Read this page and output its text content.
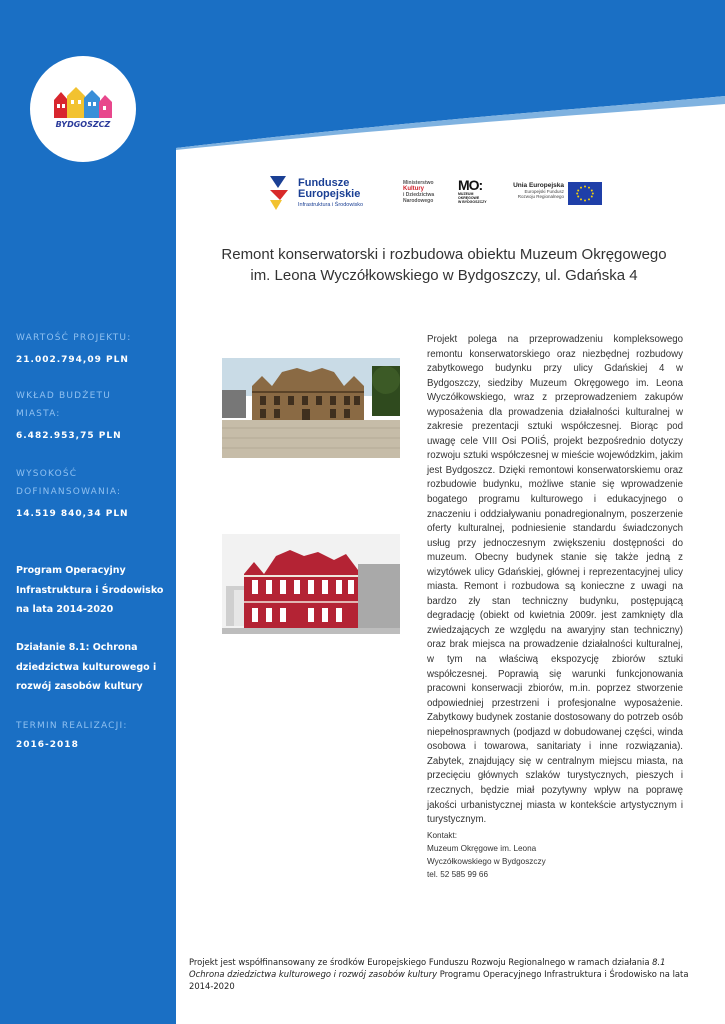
BYDGOSZCZ
WARTOŚĆ PROJEKTU:
21.002.794,09 PLN
WKŁAD BUDŻETU
MIASTA:
6.482.953,75 PLN
WYSOKOŚĆ
DOFINANSOWANIA:
14.519 840,34 PLN
Program Operacyjny
Infrastruktura i Środowisko
na lata 2014-2020
Działanie 8.1: Ochrona
dziedzictwa kulturowego i
rozwój zasobów kultury
TERMIN REALIZACJI:
2016-2018
Fundusze
Europejskie
Infrastruktura i Środowisko
Ministerstwo
Kultury
i Dziedzictwa
Narodowego
MO:
MUZEUM
OKRĘGOWE
W BYDGOSZCZY
Unia Europejska
Europejski Fundusz
Rozwoju Regionalnego
Remont konserwatorski i rozbudowa obiektu Muzeum Okręgowego
im. Leona Wyczółkowskiego w Bydgoszczy, ul. Gdańska 4
Projekt polega na przeprowadzeniu kompleksowego remontu konserwatorskiego oraz niezbędnej rozbudowy zabytkowego budynku przy ulicy Gdańskiej 4 w Bydgoszczy, siedziby Muzeum Okręgowego im. Leona Wyczółkowskiego, wraz z przeprowadzeniem zakupów wyposażenia dla prowadzenia działalności kulturalnej w zakresie prezentacji sztuki współczesnej. Biorąc pod uwagę cele VIII Osi POIiŚ, projekt bezpośrednio dotyczy rozwoju sztuki współczesnej w mieście wojewódzkim, jakim jest Bydgoszcz. Dzięki remontowi konserwatorskiemu oraz rozbudowie budynku, możliwe stanie się wprowadzenie bogatego programu kulturowego i edukacyjnego o znaczeniu i oddziaływaniu ponadregionalnym, poszerzenie oferty kulturalnej, podniesienie standardu świadczonych usług przy jednoczesnym zwiększeniu dostępności do muzeum. Obecny budynek stanie się także jedną z wizytówek ulicy Gdańskiej, głównej i reprezentacyjnej ulicy miasta. Remont i rozbudowa są konieczne z uwagi na bardzo zły stan techniczny budynku, postępującą degradację (obiekt od kwietnia 2009r. jest zamknięty dla zwiedzających ze względu na awaryjny stan techniczny) oraz brak miejsca na prowadzenie działalności kulturalnej, w tym na właściwą ekspozycję zbiorów sztuki współczesnej. Poprawią się warunki funkcjonowania pracowni konserwacji zbiorów, m.in. poprzez stworzenie odpowiedniej przestrzeni i profesjonalne wyposażenie. Zabytkowy budynek zostanie dostosowany do potrzeb osób niepełnosprawnych (podjazd w dobudowanej części, winda osobowa i towarowa, sanitariaty i inne rozwiązania). Zabytek, znajdujący się w centralnym miejscu miasta, na przecięciu głównych szlaków turystycznych, pieszych i rzecznych, będzie miał pozytywny wpływ na poprawę jakości urbanistycznej miasta w kontekście artystycznym i turystycznym.
Kontakt:
Muzeum Okręgowe im. Leona
Wyczółkowskiego w Bydgoszczy
tel. 52 585 99 66
Projekt jest współfinansowany ze środków Europejskiego Funduszu Rozwoju Regionalnego w ramach działania 8.1 Ochrona dziedzictwa kulturowego i rozwój zasobów kultury Programu Operacyjnego Infrastruktura i Środowisko na lata 2014-2020
